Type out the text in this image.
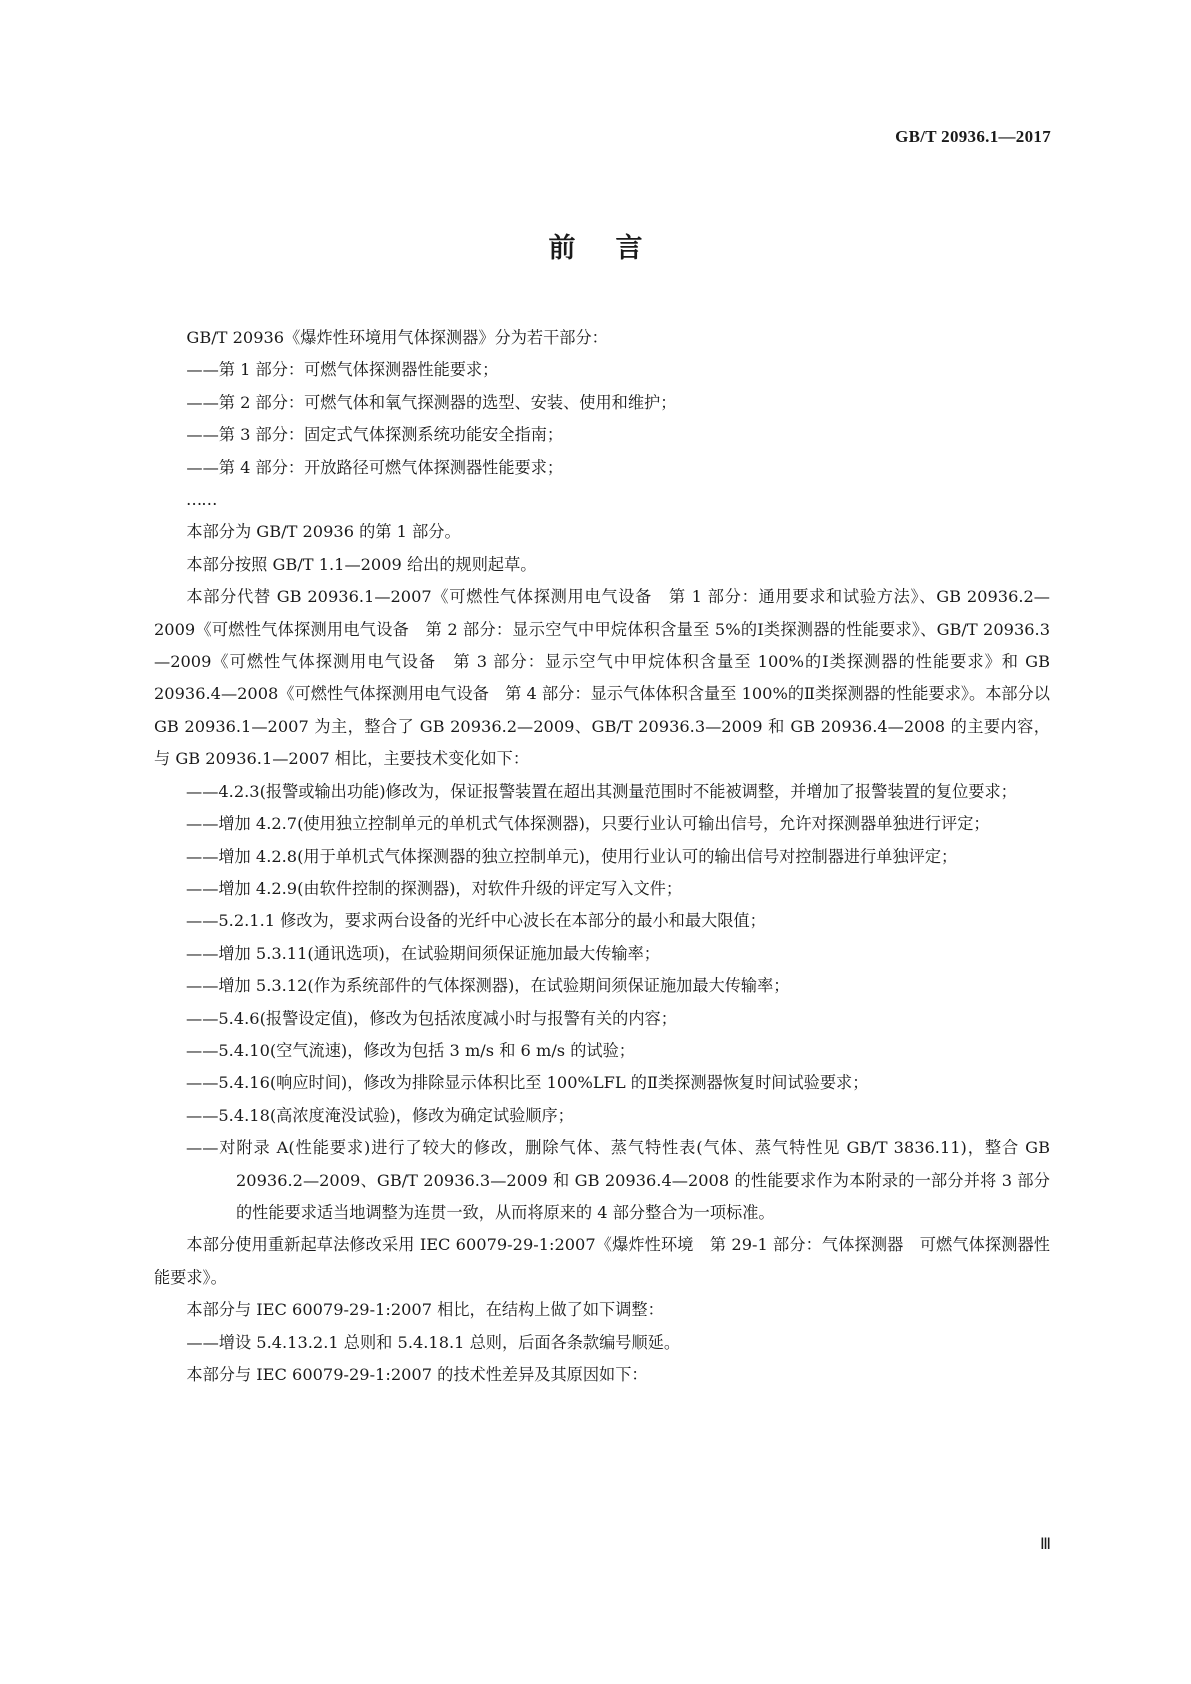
GB/T 20936.1—2017
前言

GB/T 20936《爆炸性环境用气体探测器》分为若干部分：

——第 1 部分：可燃气体探测器性能要求；

——第 2 部分：可燃气体和氧气探测器的选型、安装、使用和维护；

——第 3 部分：固定式气体探测系统功能安全指南；

——第 4 部分：开放路径可燃气体探测器性能要求；

……

本部分为 GB/T 20936 的第 1 部分。

本部分按照 GB/T 1.1—2009 给出的规则起草。

本部分代替 GB 20936.1—2007《可燃性气体探测用电气设备　第 1 部分：通用要求和试验方法》、GB 20936.2—2009《可燃性气体探测用电气设备　第 2 部分：显示空气中甲烷体积含量至 5%的Ⅰ类探测器的性能要求》、GB/T 20936.3—2009《可燃性气体探测用电气设备　第 3 部分：显示空气中甲烷体积含量至 100%的Ⅰ类探测器的性能要求》和 GB 20936.4—2008《可燃性气体探测用电气设备　第 4 部分：显示气体体积含量至 100%的Ⅱ类探测器的性能要求》。本部分以 GB 20936.1—2007 为主，整合了 GB 20936.2—2009、GB/T 20936.3—2009 和 GB 20936.4—2008 的主要内容，与 GB 20936.1—2007 相比，主要技术变化如下：

——4.2.3(报警或输出功能)修改为，保证报警装置在超出其测量范围时不能被调整，并增加了报警装置的复位要求；

——增加 4.2.7(使用独立控制单元的单机式气体探测器)，只要行业认可输出信号，允许对探测器单独进行评定；

——增加 4.2.8(用于单机式气体探测器的独立控制单元)，使用行业认可的输出信号对控制器进行单独评定；

——增加 4.2.9(由软件控制的探测器)，对软件升级的评定写入文件；

——5.2.1.1 修改为，要求两台设备的光纤中心波长在本部分的最小和最大限值；

——增加 5.3.11(通讯选项)，在试验期间须保证施加最大传输率；

——增加 5.3.12(作为系统部件的气体探测器)，在试验期间须保证施加最大传输率；

——5.4.6(报警设定值)，修改为包括浓度减小时与报警有关的内容；

——5.4.10(空气流速)，修改为包括 3 m/s 和 6 m/s 的试验；

——5.4.16(响应时间)，修改为排除显示体积比至 100%LFL 的Ⅱ类探测器恢复时间试验要求；

——5.4.18(高浓度淹没试验)，修改为确定试验顺序；

——对附录 A(性能要求)进行了较大的修改，删除气体、蒸气特性表(气体、蒸气特性见 GB/T 3836.11)，整合 GB 20936.2—2009、GB/T 20936.3—2009 和 GB 20936.4—2008 的性能要求作为本附录的一部分并将 3 部分的性能要求适当地调整为连贯一致，从而将原来的 4 部分整合为一项标准。

本部分使用重新起草法修改采用 IEC 60079-29-1:2007《爆炸性环境　第 29-1 部分：气体探测器　可燃气体探测器性能要求》。

本部分与 IEC 60079-29-1:2007 相比，在结构上做了如下调整：

——增设 5.4.13.2.1 总则和 5.4.18.1 总则，后面各条款编号顺延。

本部分与 IEC 60079-29-1:2007 的技术性差异及其原因如下：

Ⅲ
